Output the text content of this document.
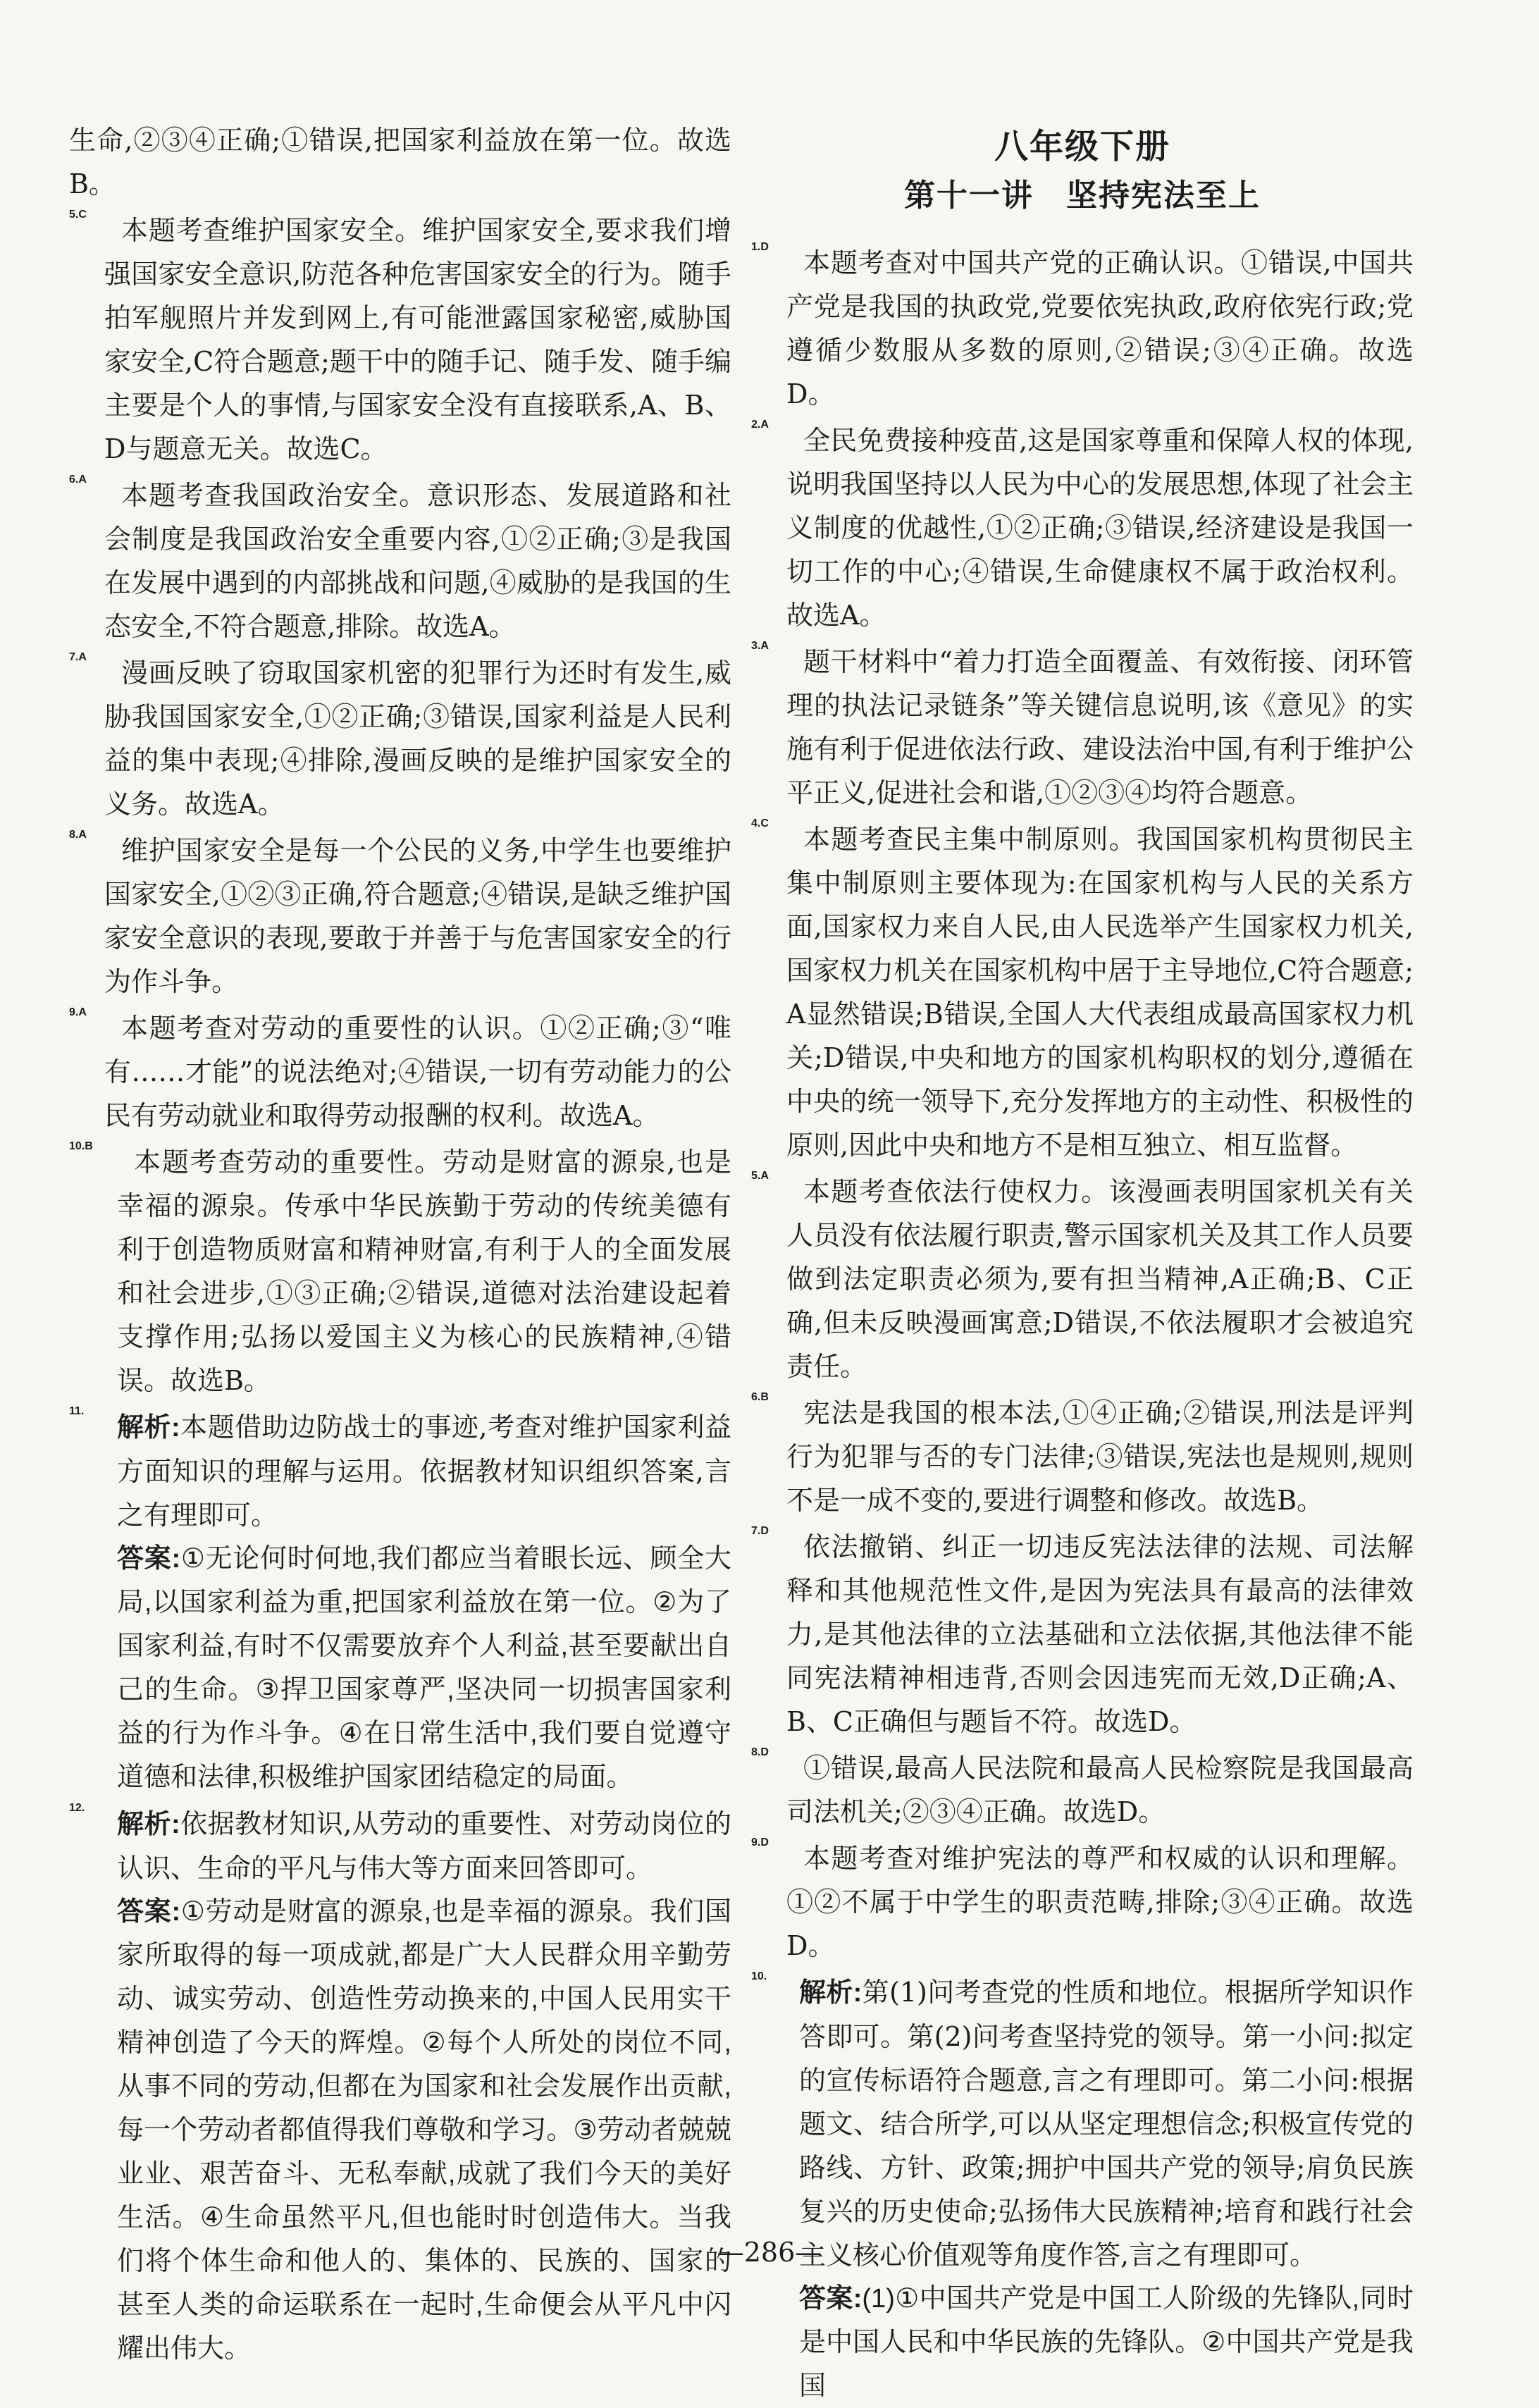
生命,②③④正确;①错误,把国家利益放在第一位。故选B。

5.C

本题考查维护国家安全。维护国家安全,要求我们增强国家安全意识,防范各种危害国家安全的行为。随手拍军舰照片并发到网上,有可能泄露国家秘密,威胁国家安全,C符合题意;题干中的随手记、随手发、随手编主要是个人的事情,与国家安全没有直接联系,A、B、D与题意无关。故选C。

6.A

本题考查我国政治安全。意识形态、发展道路和社会制度是我国政治安全重要内容,①②正确;③是我国在发展中遇到的内部挑战和问题,④威胁的是我国的生态安全,不符合题意,排除。故选A。

7.A

漫画反映了窃取国家机密的犯罪行为还时有发生,威胁我国国家安全,①②正确;③错误,国家利益是人民利益的集中表现;④排除,漫画反映的是维护国家安全的义务。故选A。

8.A

维护国家安全是每一个公民的义务,中学生也要维护国家安全,①②③正确,符合题意;④错误,是缺乏维护国家安全意识的表现,要敢于并善于与危害国家安全的行为作斗争。

9.A

本题考查对劳动的重要性的认识。①②正确;③“唯有……才能”的说法绝对;④错误,一切有劳动能力的公民有劳动就业和取得劳动报酬的权利。故选A。

10.B

本题考查劳动的重要性。劳动是财富的源泉,也是幸福的源泉。传承中华民族勤于劳动的传统美德有利于创造物质财富和精神财富,有利于人的全面发展和社会进步,①③正确;②错误,道德对法治建设起着支撑作用;弘扬以爱国主义为核心的民族精神,④错误。故选B。

11.

解析:本题借助边防战士的事迹,考查对维护国家利益方面知识的理解与运用。依据教材知识组织答案,言之有理即可。

答案:①无论何时何地,我们都应当着眼长远、顾全大局,以国家利益为重,把国家利益放在第一位。②为了国家利益,有时不仅需要放弃个人利益,甚至要献出自己的生命。③捍卫国家尊严,坚决同一切损害国家利益的行为作斗争。④在日常生活中,我们要自觉遵守道德和法律,积极维护国家团结稳定的局面。

12.

解析:依据教材知识,从劳动的重要性、对劳动岗位的认识、生命的平凡与伟大等方面来回答即可。

答案:①劳动是财富的源泉,也是幸福的源泉。我们国家所取得的每一项成就,都是广大人民群众用辛勤劳动、诚实劳动、创造性劳动换来的,中国人民用实干精神创造了今天的辉煌。②每个人所处的岗位不同,从事不同的劳动,但都在为国家和社会发展作出贡献,每一个劳动者都值得我们尊敬和学习。③劳动者兢兢业业、艰苦奋斗、无私奉献,成就了我们今天的美好生活。④生命虽然平凡,但也能时时创造伟大。当我们将个体生命和他人的、集体的、民族的、国家的甚至人类的命运联系在一起时,生命便会从平凡中闪耀出伟大。

八年级下册
第十一讲　坚持宪法至上
1.D

本题考查对中国共产党的正确认识。①错误,中国共产党是我国的执政党,党要依宪执政,政府依宪行政;党遵循少数服从多数的原则,②错误;③④正确。故选D。

2.A

全民免费接种疫苗,这是国家尊重和保障人权的体现,说明我国坚持以人民为中心的发展思想,体现了社会主义制度的优越性,①②正确;③错误,经济建设是我国一切工作的中心;④错误,生命健康权不属于政治权利。故选A。

3.A

题干材料中“着力打造全面覆盖、有效衔接、闭环管理的执法记录链条”等关键信息说明,该《意见》的实施有利于促进依法行政、建设法治中国,有利于维护公平正义,促进社会和谐,①②③④均符合题意。

4.C

本题考查民主集中制原则。我国国家机构贯彻民主集中制原则主要体现为:在国家机构与人民的关系方面,国家权力来自人民,由人民选举产生国家权力机关,国家权力机关在国家机构中居于主导地位,C符合题意;A显然错误;B错误,全国人大代表组成最高国家权力机关;D错误,中央和地方的国家机构职权的划分,遵循在中央的统一领导下,充分发挥地方的主动性、积极性的原则,因此中央和地方不是相互独立、相互监督。

5.A

本题考查依法行使权力。该漫画表明国家机关有关人员没有依法履行职责,警示国家机关及其工作人员要做到法定职责必须为,要有担当精神,A正确;B、C正确,但未反映漫画寓意;D错误,不依法履职才会被追究责任。

6.B

宪法是我国的根本法,①④正确;②错误,刑法是评判行为犯罪与否的专门法律;③错误,宪法也是规则,规则不是一成不变的,要进行调整和修改。故选B。

7.D

依法撤销、纠正一切违反宪法法律的法规、司法解释和其他规范性文件,是因为宪法具有最高的法律效力,是其他法律的立法基础和立法依据,其他法律不能同宪法精神相违背,否则会因违宪而无效,D正确;A、B、C正确但与题旨不符。故选D。

8.D

①错误,最高人民法院和最高人民检察院是我国最高司法机关;②③④正确。故选D。

9.D

本题考查对维护宪法的尊严和权威的认识和理解。①②不属于中学生的职责范畴,排除;③④正确。故选D。

10.

解析:第(1)问考查党的性质和地位。根据所学知识作答即可。第(2)问考查坚持党的领导。第一小问:拟定的宣传标语符合题意,言之有理即可。第二小问:根据题文、结合所学,可以从坚定理想信念;积极宣传党的路线、方针、政策;拥护中国共产党的领导;肩负民族复兴的历史使命;弘扬伟大民族精神;培育和践行社会主义核心价值观等角度作答,言之有理即可。

答案:(1)①中国共产党是中国工人阶级的先锋队,同时是中国人民和中华民族的先锋队。②中国共产党是我国

—286—
